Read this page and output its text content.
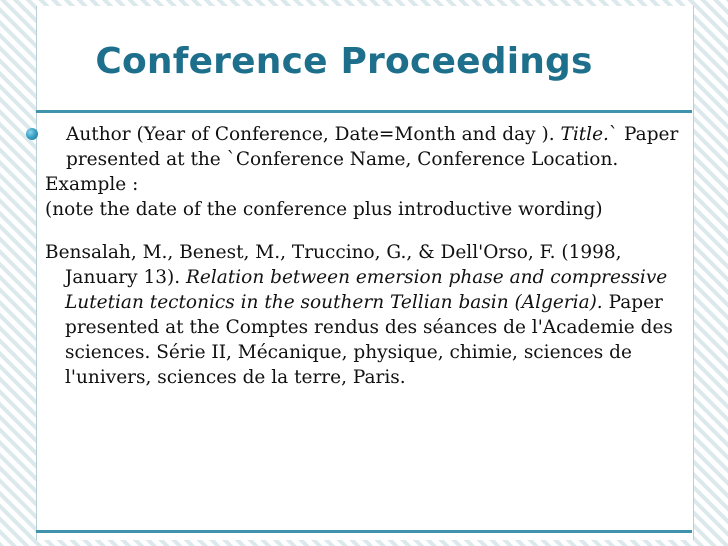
Conference Proceedings

Author (Year of Conference, Date=Month and day ). Title.` Paper presented at the `Conference Name, Conference Location.

Example :

(note the date of the conference plus introductive wording)

Bensalah, M., Benest, M., Truccino, G., & Dell'Orso, F. (1998, January 13). Relation between emersion phase and compressive Lutetian tectonics in the southern Tellian basin (Algeria). Paper presented at the Comptes rendus des séances de l'Academie des sciences. Série II, Mécanique, physique, chimie, sciences de l'univers, sciences de la terre, Paris.
